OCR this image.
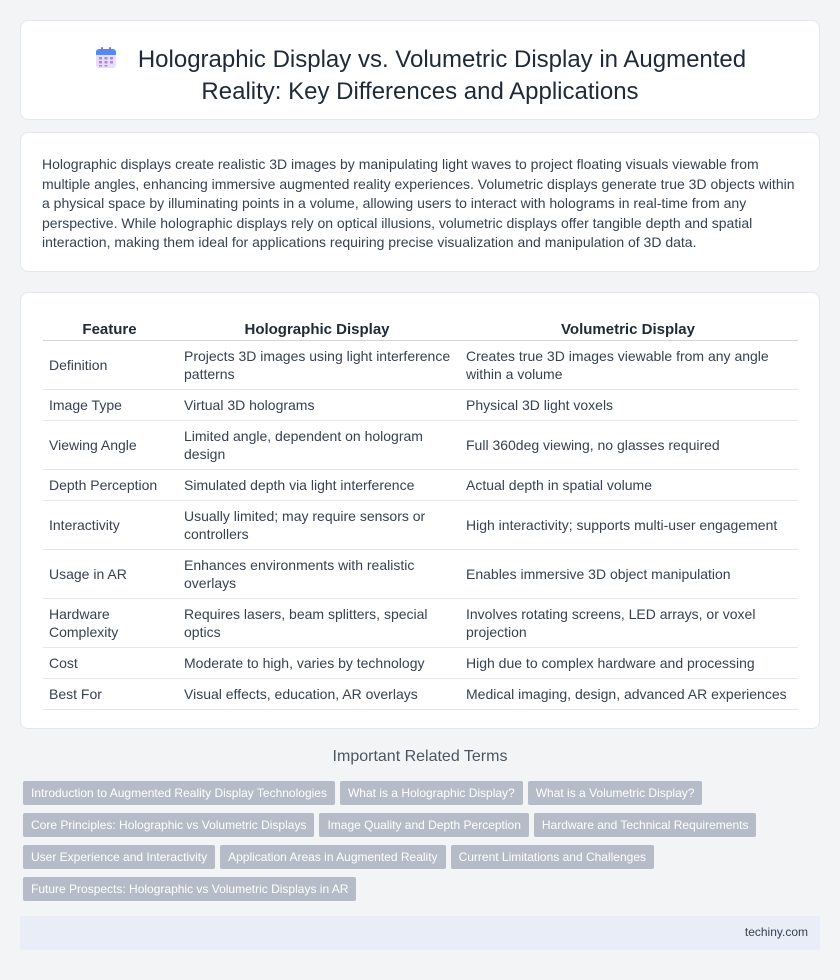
Holographic Display vs. Volumetric Display in Augmented Reality: Key Differences and Applications

Holographic displays create realistic 3D images by manipulating light waves to project floating visuals viewable from multiple angles, enhancing immersive augmented reality experiences. Volumetric displays generate true 3D objects within a physical space by illuminating points in a volume, allowing users to interact with holograms in real-time from any perspective. While holographic displays rely on optical illusions, volumetric displays offer tangible depth and spatial interaction, making them ideal for applications requiring precise visualization and manipulation of 3D data.

Feature	Holographic Display	Volumetric Display
Definition	Projects 3D images using light interference patterns	Creates true 3D images viewable from any angle within a volume
Image Type	Virtual 3D holograms	Physical 3D light voxels
Viewing Angle	Limited angle, dependent on hologram design	Full 360deg viewing, no glasses required
Depth Perception	Simulated depth via light interference	Actual depth in spatial volume
Interactivity	Usually limited; may require sensors or controllers	High interactivity; supports multi-user engagement
Usage in AR	Enhances environments with realistic overlays	Enables immersive 3D object manipulation
Hardware Complexity	Requires lasers, beam splitters, special optics	Involves rotating screens, LED arrays, or voxel projection
Cost	Moderate to high, varies by technology	High due to complex hardware and processing
Best For	Visual effects, education, AR overlays	Medical imaging, design, advanced AR experiences
Important Related Terms
Introduction to Augmented Reality Display Technologies What is a Holographic Display? What is a Volumetric Display?
Core Principles: Holographic vs Volumetric Displays Image Quality and Depth Perception Hardware and Technical Requirements
User Experience and Interactivity Application Areas in Augmented Reality Current Limitations and Challenges
Future Prospects: Holographic vs Volumetric Displays in AR
techiny.com
